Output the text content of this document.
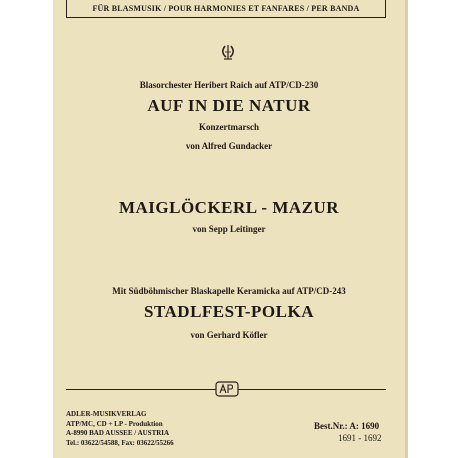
FÜR BLASMUSIK / POUR HARMONIES ET FANFARES / PER BANDA
Blasorchester Heribert Raich auf ATP/CD-230
AUF IN DIE NATUR
Konzertmarsch
von Alfred Gundacker
MAIGLÖCKERL - MAZUR
von Sepp Leitinger
Mit Südböhmischer Blaskapelle Keramicka auf ATP/CD-243
STADLFEST-POLKA
von Gerhard Köfler
ADLER-MUSIKVERLAG
ATP/MC, CD + LP - Produktion
A-8990 BAD AUSSEE / AUSTRIA
Tel.: 03622/54588, Fax: 03622/55266
Best.Nr.: A: 1690
1691 - 1692
